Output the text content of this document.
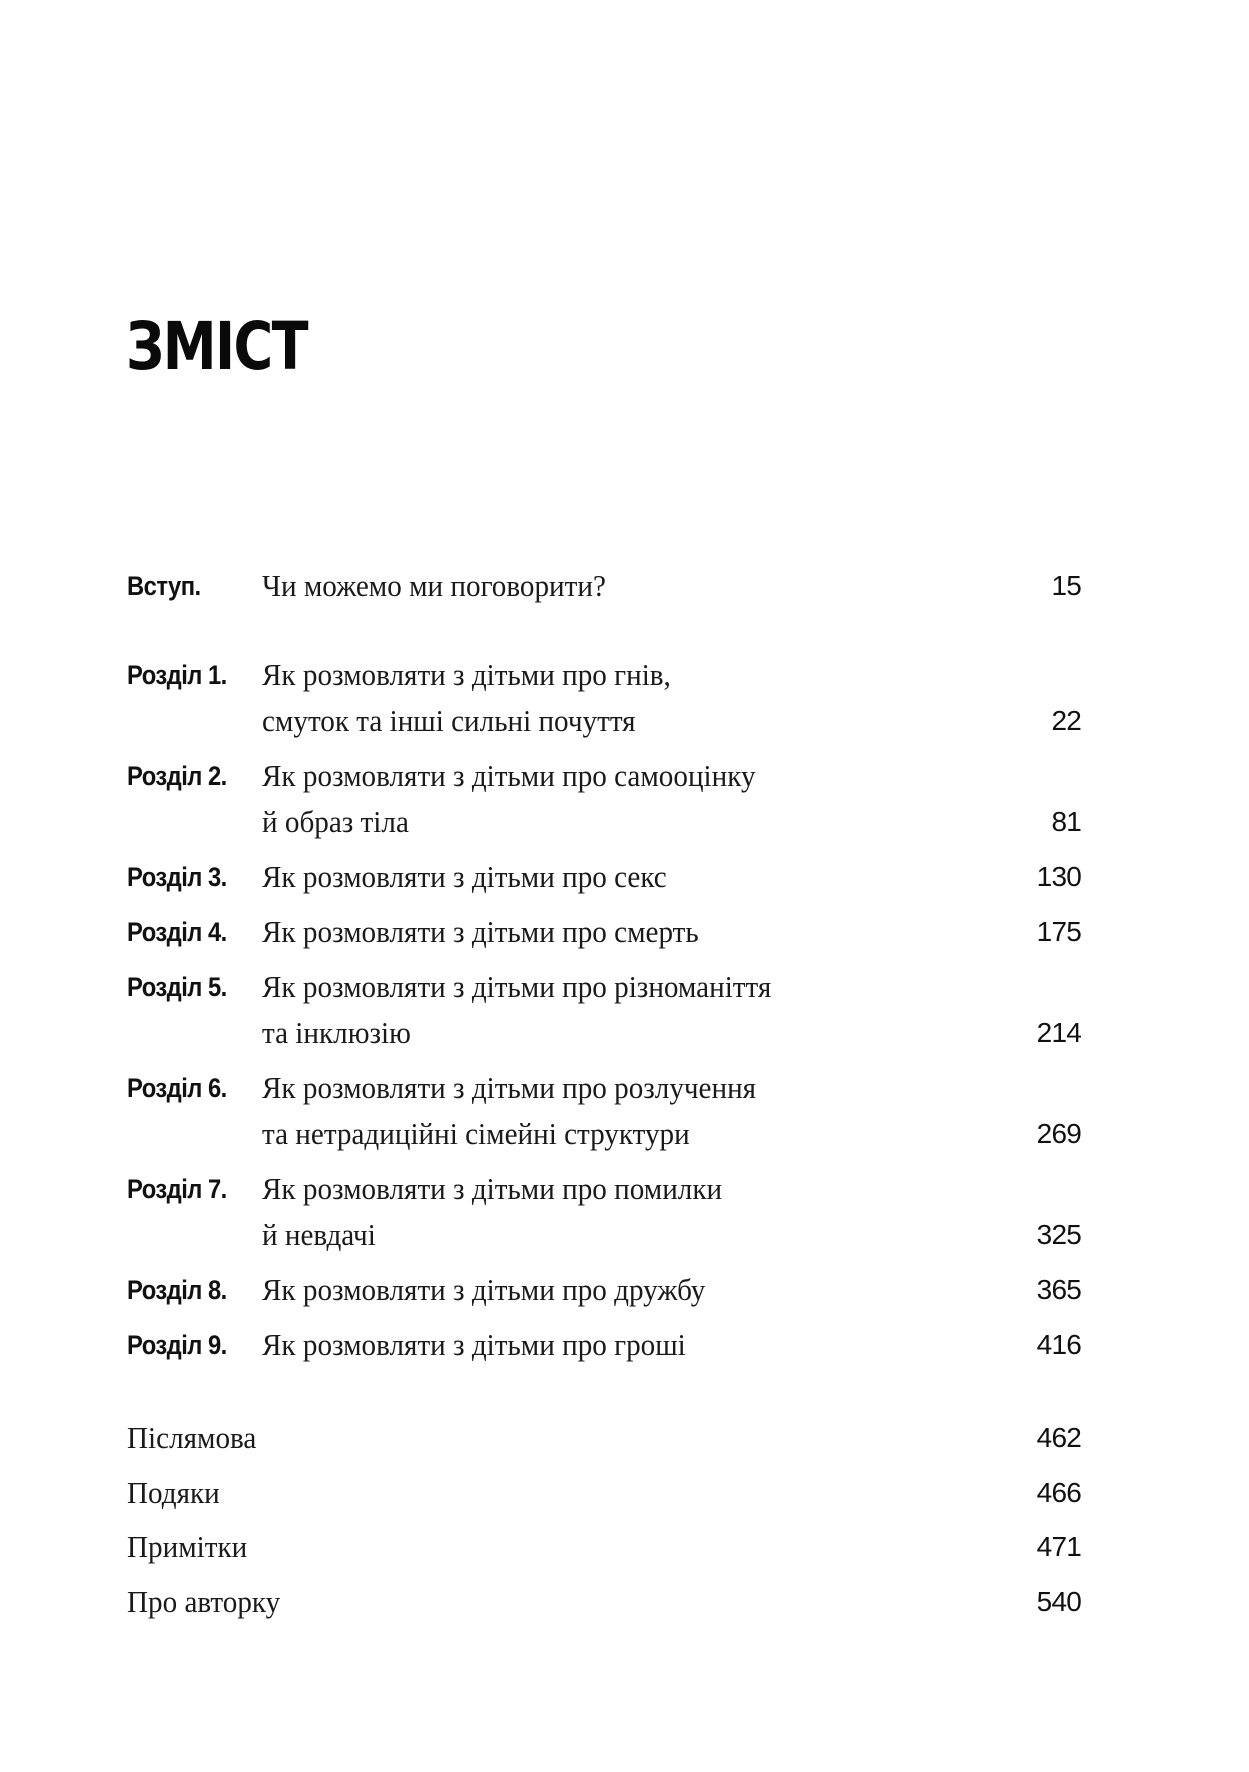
ЗМІСТ
Вступ. Чи можемо ми поговорити?	15
Розділ 1. Як розмовляти з дітьми про гнів,
смуток та інші сильні почуття	22
Розділ 2. Як розмовляти з дітьми про самооцінку
й образ тіла	81
Розділ 3. Як розмовляти з дітьми про секс	130
Розділ 4. Як розмовляти з дітьми про смерть	175
Розділ 5. Як розмовляти з дітьми про різноманіття
та інклюзію	214
Розділ 6. Як розмовляти з дітьми про розлучення
та нетрадиційні сімейні структури	269
Розділ 7. Як розмовляти з дітьми про помилки
й невдачі	325
Розділ 8. Як розмовляти з дітьми про дружбу	365
Розділ 9. Як розмовляти з дітьми про гроші	416
Післямова	462
Подяки	466
Примітки	471
Про авторку	540
